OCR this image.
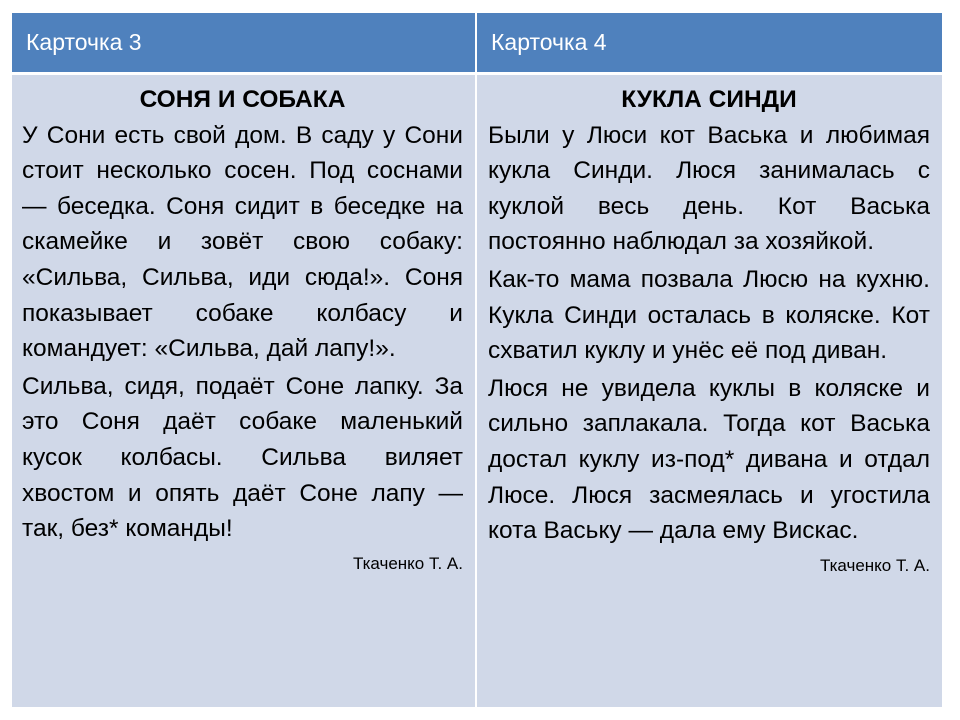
Карточка 3	Карточка 4

СОНЯ И СОБАКА

У Сони есть свой дом. В саду у Сони стоит несколько сосен. Под соснами — беседка. Соня сидит в беседке на скамейке и зовёт свою собаку: «Сильва, Сильва, иди сюда!». Соня показывает собаке колбасу и командует: «Сильва, дай лапу!».

Сильва, сидя, подаёт Соне лапку. За это Соня даёт собаке маленький кусок колбасы. Сильва виляет хвостом и опять даёт Соне лапу — так, без* команды!

Ткаченко Т. А.

КУКЛА СИНДИ

Были у Люси кот Васька и любимая кукла Синди. Люся занималась с куклой весь день. Кот Васька постоянно наблюдал за хозяйкой.

Как-то мама позвала Люсю на кухню. Кукла Синди осталась в коляске. Кот схватил куклу и унёс её под диван.

Люся не увидела куклы в коляске и сильно заплакала. Тогда кот Васька достал куклу из-под* дивана и отдал Люсе. Люся засмеялась и угостила кота Ваську — дала ему Вискас.

Ткаченко Т. А.
